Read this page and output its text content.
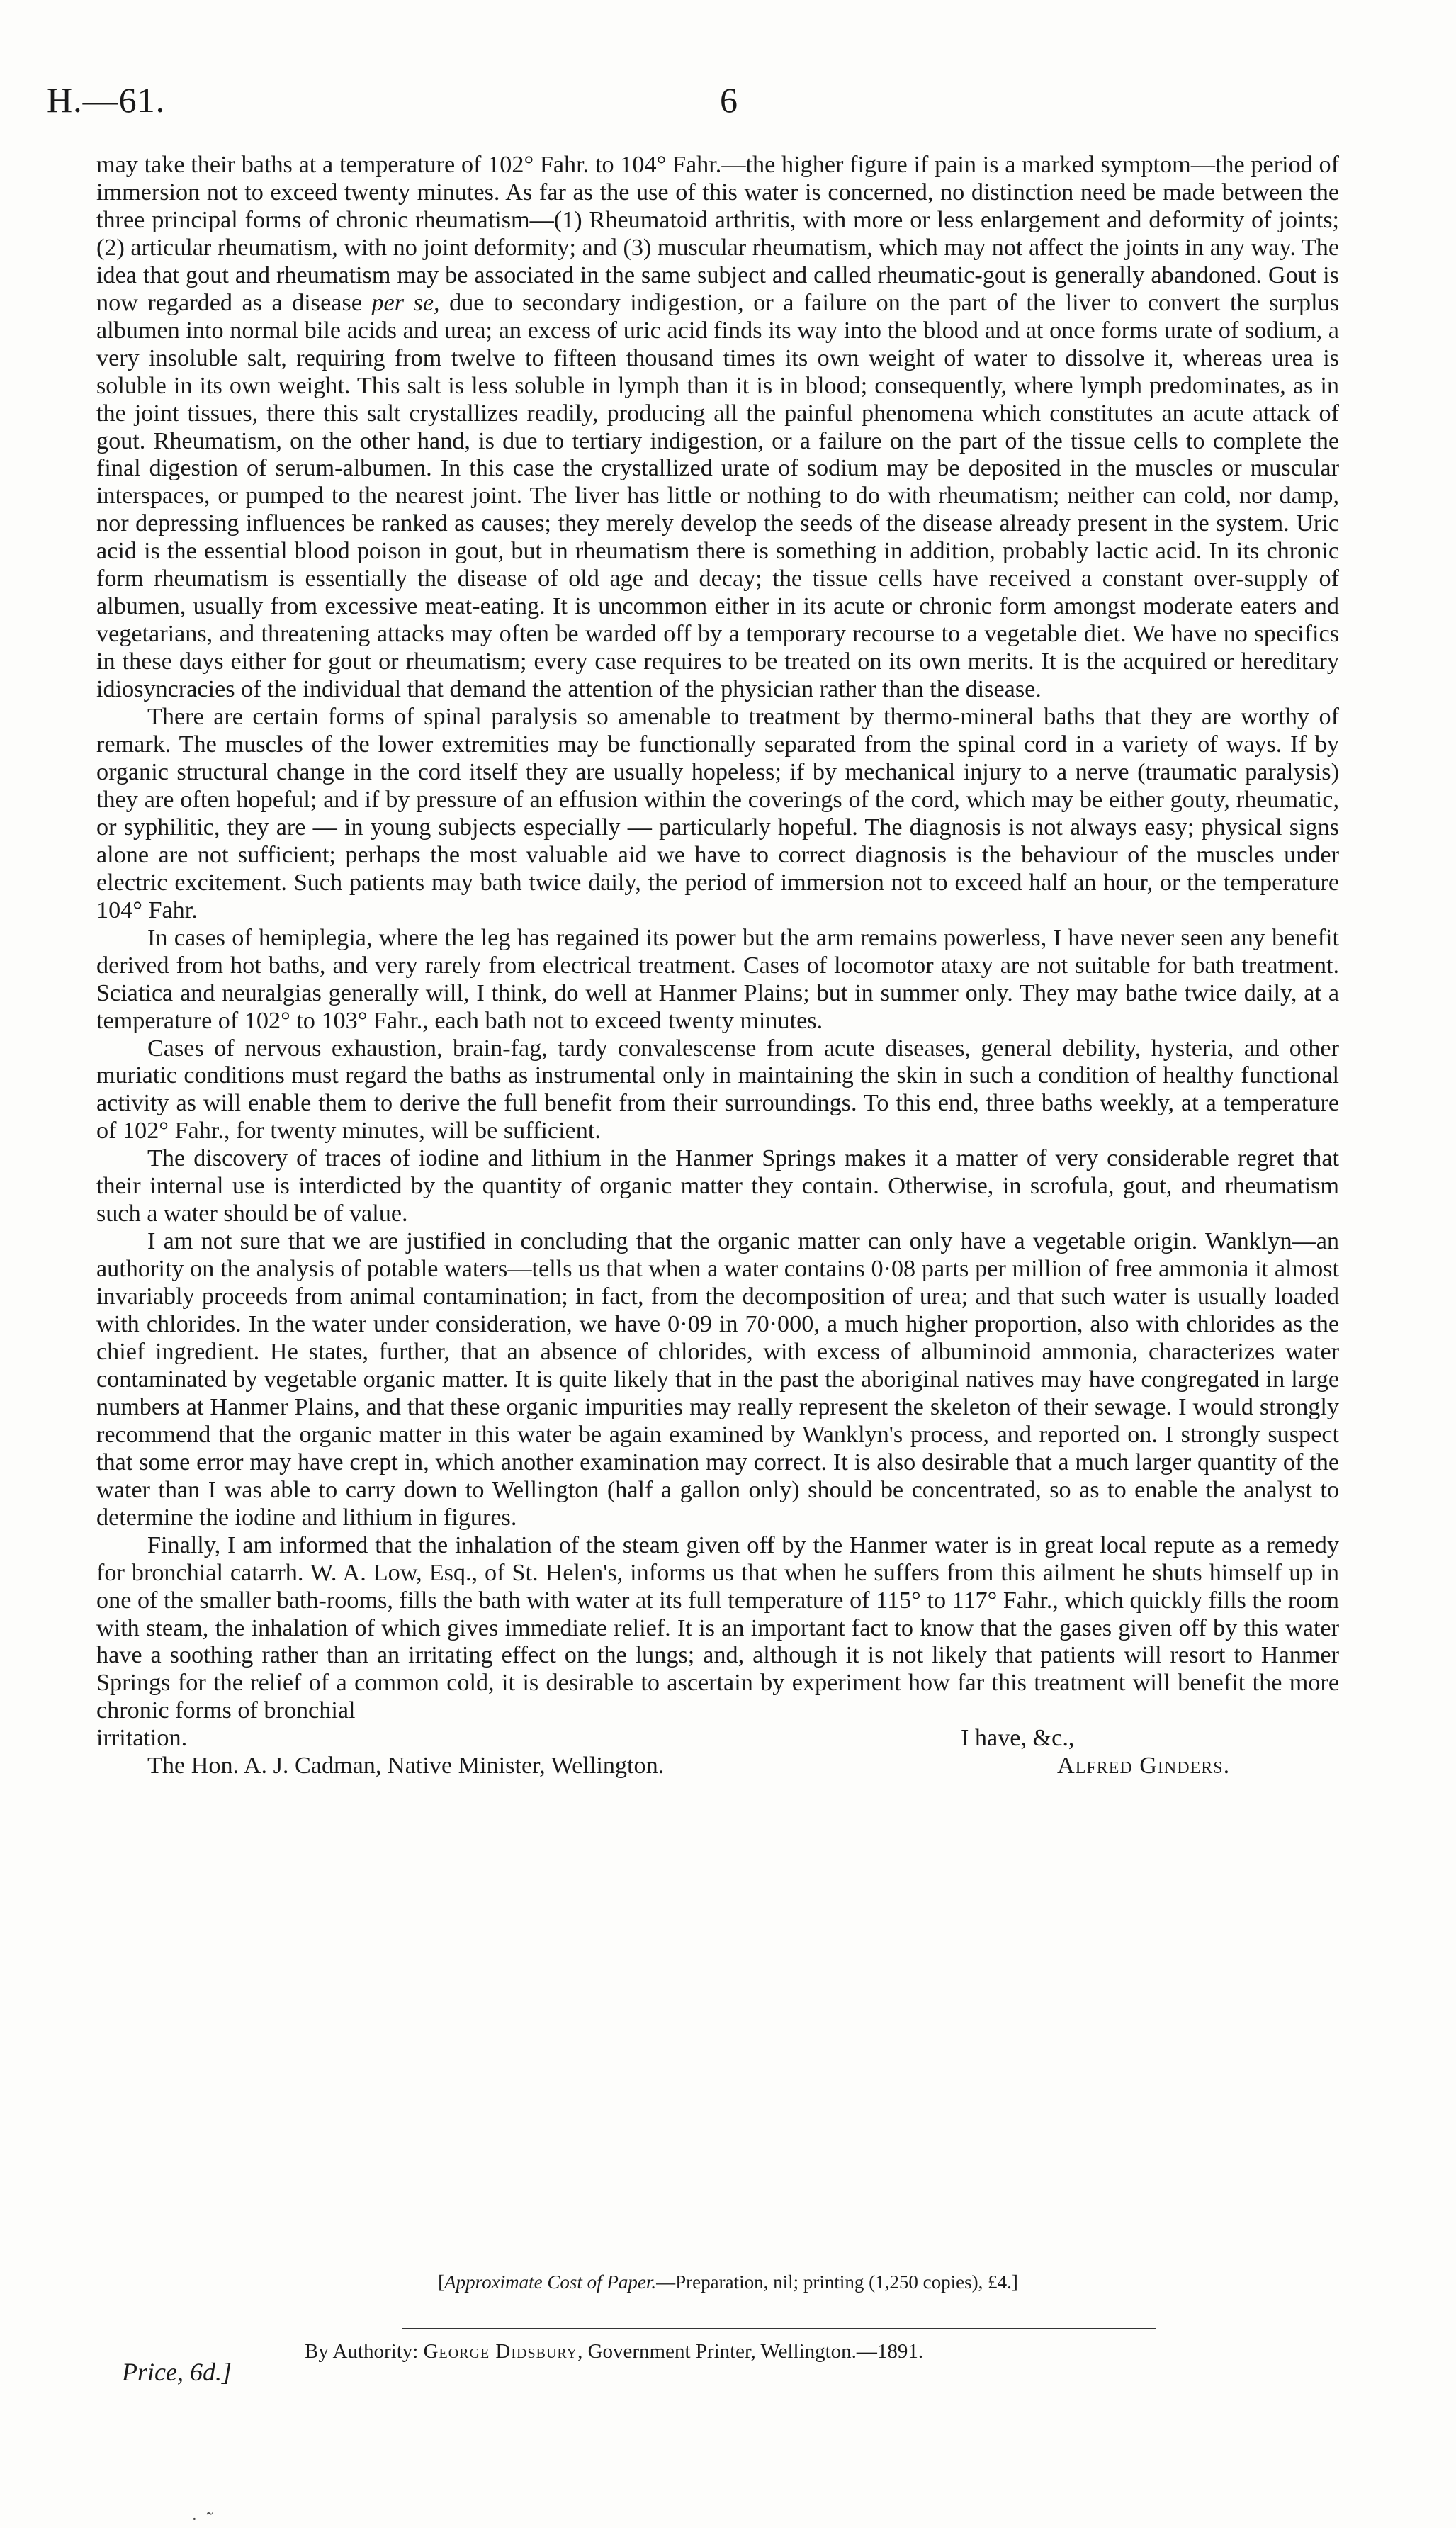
H.—61.	6

may take their baths at a temperature of 102° Fahr. to 104° Fahr.—the higher figure if pain is a marked symptom—the period of immersion not to exceed twenty minutes. As far as the use of this water is concerned, no distinction need be made between the three principal forms of chronic rheumatism—(1) Rheumatoid arthritis, with more or less enlargement and deformity of joints; (2) articular rheumatism, with no joint deformity; and (3) muscular rheumatism, which may not affect the joints in any way. The idea that gout and rheumatism may be associated in the same subject and called rheumatic-gout is generally abandoned. Gout is now regarded as a disease per se, due to secondary indigestion, or a failure on the part of the liver to convert the surplus albumen into normal bile acids and urea; an excess of uric acid finds its way into the blood and at once forms urate of sodium, a very insoluble salt, requiring from twelve to fifteen thousand times its own weight of water to dissolve it, whereas urea is soluble in its own weight. This salt is less soluble in lymph than it is in blood; consequently, where lymph predominates, as in the joint tissues, there this salt crystallizes readily, producing all the painful phenomena which constitutes an acute attack of gout. Rheumatism, on the other hand, is due to tertiary indigestion, or a failure on the part of the tissue cells to complete the final digestion of serum-albumen. In this case the crystallized urate of sodium may be deposited in the muscles or muscular interspaces, or pumped to the nearest joint. The liver has little or nothing to do with rheumatism; neither can cold, nor damp, nor depressing influences be ranked as causes; they merely develop the seeds of the disease already present in the system. Uric acid is the essential blood poison in gout, but in rheumatism there is something in addition, probably lactic acid. In its chronic form rheumatism is essentially the disease of old age and decay; the tissue cells have received a constant over-supply of albumen, usually from excessive meat-eating. It is uncommon either in its acute or chronic form amongst moderate eaters and vegetarians, and threatening attacks may often be warded off by a temporary recourse to a vegetable diet. We have no specifics in these days either for gout or rheumatism; every case requires to be treated on its own merits. It is the acquired or hereditary idiosyncracies of the individual that demand the attention of the physician rather than the disease.

There are certain forms of spinal paralysis so amenable to treatment by thermo-mineral baths that they are worthy of remark. The muscles of the lower extremities may be functionally separated from the spinal cord in a variety of ways. If by organic structural change in the cord itself they are usually hopeless; if by mechanical injury to a nerve (traumatic paralysis) they are often hopeful; and if by pressure of an effusion within the coverings of the cord, which may be either gouty, rheumatic, or syphilitic, they are — in young subjects especially — particularly hopeful. The diagnosis is not always easy; physical signs alone are not sufficient; perhaps the most valuable aid we have to correct diagnosis is the behaviour of the muscles under electric excitement. Such patients may bath twice daily, the period of immersion not to exceed half an hour, or the temperature 104° Fahr.

In cases of hemiplegia, where the leg has regained its power but the arm remains powerless, I have never seen any benefit derived from hot baths, and very rarely from electrical treatment. Cases of locomotor ataxy are not suitable for bath treatment. Sciatica and neuralgias generally will, I think, do well at Hanmer Plains; but in summer only. They may bathe twice daily, at a temperature of 102° to 103° Fahr., each bath not to exceed twenty minutes.

Cases of nervous exhaustion, brain-fag, tardy convalescense from acute diseases, general debility, hysteria, and other muriatic conditions must regard the baths as instrumental only in maintaining the skin in such a condition of healthy functional activity as will enable them to derive the full benefit from their surroundings. To this end, three baths weekly, at a temperature of 102° Fahr., for twenty minutes, will be sufficient.

The discovery of traces of iodine and lithium in the Hanmer Springs makes it a matter of very considerable regret that their internal use is interdicted by the quantity of organic matter they contain. Otherwise, in scrofula, gout, and rheumatism such a water should be of value.

I am not sure that we are justified in concluding that the organic matter can only have a vegetable origin. Wanklyn—an authority on the analysis of potable waters—tells us that when a water contains 0·08 parts per million of free ammonia it almost invariably proceeds from animal contamination; in fact, from the decomposition of urea; and that such water is usually loaded with chlorides. In the water under consideration, we have 0·09 in 70·000, a much higher proportion, also with chlorides as the chief ingredient. He states, further, that an absence of chlorides, with excess of albuminoid ammonia, characterizes water contaminated by vegetable organic matter. It is quite likely that in the past the aboriginal natives may have congregated in large numbers at Hanmer Plains, and that these organic impurities may really represent the skeleton of their sewage. I would strongly recommend that the organic matter in this water be again examined by Wanklyn's process, and reported on. I strongly suspect that some error may have crept in, which another examination may correct. It is also desirable that a much larger quantity of the water than I was able to carry down to Wellington (half a gallon only) should be concentrated, so as to enable the analyst to determine the iodine and lithium in figures.

Finally, I am informed that the inhalation of the steam given off by the Hanmer water is in great local repute as a remedy for bronchial catarrh. W. A. Low, Esq., of St. Helen's, informs us that when he suffers from this ailment he shuts himself up in one of the smaller bath-rooms, fills the bath with water at its full temperature of 115° to 117° Fahr., which quickly fills the room with steam, the inhalation of which gives immediate relief. It is an important fact to know that the gases given off by this water have a soothing rather than an irritating effect on the lungs; and, although it is not likely that patients will resort to Hanmer Springs for the relief of a common cold, it is desirable to ascertain by experiment how far this treatment will benefit the more chronic forms of bronchial

irritation.	I have, &c.,
The Hon. A. J. Cadman, Native Minister, Wellington.	Alfred Ginders.
[Approximate Cost of Paper.—Preparation, nil; printing (1,250 copies), £4.]
Price, 6d.]
By Authority: George Didsbury, Government Printer, Wellington.—1891.
·  ˜
